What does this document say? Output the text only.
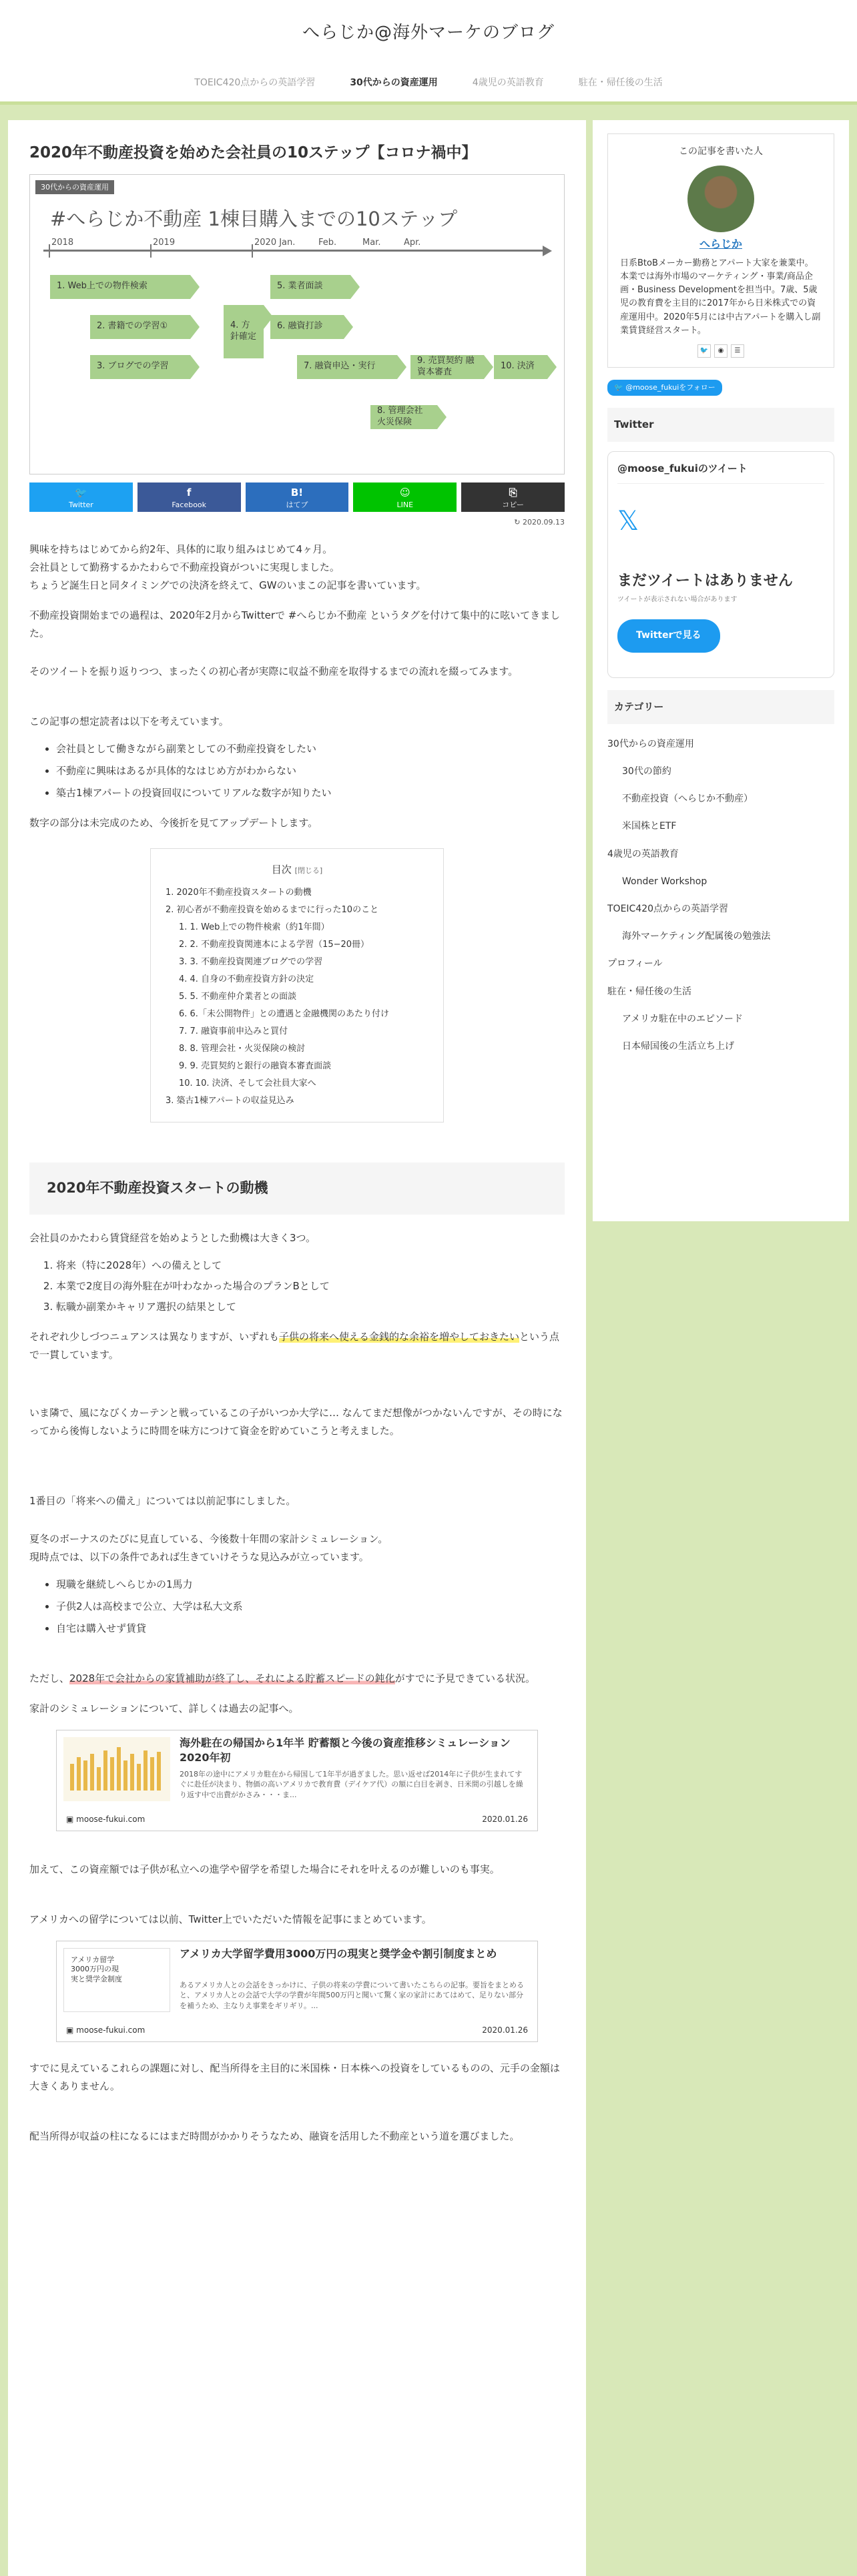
へらじか@海外マーケのブログ
TOEIC420点からの英語学習	30代からの資産運用	4歳児の英語教育	駐在・帰任後の生活
2020年不動産投資を始めた会社員の10ステップ【コロナ禍中】
30代からの資産運用
#へらじか不動産 1棟目購入までの10ステップ
2018	2019	2020 Jan.	Feb.	Mar.	Apr.
1. Web上での物件検索
2. 書籍での学習①
3. ブログでの学習
4. 方針確定
5. 業者面談
6. 融資打診
7. 融資申込・実行
8. 管理会社 火災保険
9. 売買契約 融資本審査
10. 決済
🐦
Twitter
f
Facebook
B!
はてブ
☺
LINE
⎘
コピー
↻ 2020.09.13
興味を持ちはじめてから約2年、具体的に取り組みはじめて4ヶ月。
会社員として勤務するかたわらで不動産投資がついに実現しました。
ちょうど誕生日と同タイミングでの決済を終えて、GWのいまこの記事を書いています。
不動産投資開始までの過程は、2020年2月からTwitterで #へらじか不動産 というタグを付けて集中的に呟いてきました。
そのツイートを振り返りつつ、まったくの初心者が実際に収益不動産を取得するまでの流れを綴ってみます。
この記事の想定読者は以下を考えています。
• 会社員として働きながら副業としての不動産投資をしたい
• 不動産に興味はあるが具体的なはじめ方がわからない
• 築古1棟アパートの投資回収についてリアルな数字が知りたい
数字の部分は未完成のため、今後折を見てアップデートします。
目次 [閉じる]
1. 2020年不動産投資スタートの動機
2. 初心者が不動産投資を始めるまでに行った10のこと
1. 1. Web上での物件検索（約1年間）
2. 2. 不動産投資関連本による学習（15−20冊）
3. 3. 不動産投資関連ブログでの学習
4. 4. 自身の不動産投資方針の決定
5. 5. 不動産仲介業者との面談
6. 6.「未公開物件」との遭遇と金融機関のあたり付け
7. 7. 融資事前申込みと買付
8. 8. 管理会社・火災保険の検討
9. 9. 売買契約と銀行の融資本審査面談
10. 10. 決済、そして会社員大家へ
3. 築古1棟アパートの収益見込み
2020年不動産投資スタートの動機
会社員のかたわら賃貸経営を始めようとした動機は大きく3つ。
1. 将来（特に2028年）への備えとして
2. 本業で2度目の海外駐在が叶わなかった場合のプランBとして
3. 転職か副業かキャリア選択の結果として
それぞれ少しづつニュアンスは異なりますが、いずれも子供の将来へ使える金銭的な余裕を増やしておきたいという点で一貫しています。
いま隣で、風になびくカーテンと戦っているこの子がいつか大学に… なんてまだ想像がつかないんですが、その時になってから後悔しないように時間を味方につけて資金を貯めていこうと考えました。
1番目の「将来への備え」については以前記事にしました。
夏冬のボーナスのたびに見直している、今後数十年間の家計シミュレーション。
現時点では、以下の条件であれば生きていけそうな見込みが立っています。
• 現職を継続しへらじかの1馬力
• 子供2人は高校まで公立、大学は私大文系
• 自宅は購入せず賃貸
ただし、2028年で会社からの家賃補助が終了し、それによる貯蓄スピードの鈍化がすでに予見できている状況。
家計のシミュレーションについて、詳しくは過去の記事へ。
海外駐在の帰国から1年半 貯蓄額と今後の資産推移シミュレーション2020年初
2018年の途中にアメリカ駐在から帰国して1年半が過ぎました。思い返せば2014年に子供が生まれてすぐに赴任が決まり、物価の高いアメリカで教育費（デイケア代）の額に白目を剥き、日米間の引越しを繰り返す中で出費がかさみ・・・ま...
▣ moose-fukui.com	2020.01.26
加えて、この資産額では子供が私立への進学や留学を希望した場合にそれを叶えるのが難しいのも事実。
アメリカへの留学については以前、Twitter上でいただいた情報を記事にまとめています。
アメリカ留学 3000万円の現実と奨学金制度
アメリカ大学留学費用3000万円の現実と奨学金や割引制度まとめ
あるアメリカ人との会話をきっかけに、子供の将来の学費について書いたこちらの記事。要旨をまとめると、アメリカ人との会話で大学の学費が年間500万円と聞いて驚く家の家計にあてはめて、足りない部分を補うため、主なりえ事業をギリギリ。...
▣ moose-fukui.com	2020.01.26
すでに見えているこれらの課題に対し、配当所得を主目的に米国株・日本株への投資をしているものの、元手の金額は大きくありません。
配当所得が収益の柱になるにはまだ時間がかかりそうなため、融資を活用した不動産という道を選びました。
この記事を書いた人
へらじか
日系BtoBメーカー勤務とアパート大家を兼業中。本業では海外市場のマーケティング・事業/商品企画・Business Developmentを担当中。7歳、5歳児の教育費を主目的に2017年から日米株式での資産運用中。2020年5月には中古アパートを購入し副業賃貸経営スタート。
🐦	◉	☰
🐦 @moose_fukuiをフォロー
Twitter
@moose_fukuiのツイート
𝕏
まだツイートはありません
ツイートが表示されない場合があります
Twitterで見る
カテゴリー
30代からの資産運用
30代の節約
不動産投資（へらじか不動産）
米国株とETF
4歳児の英語教育
Wonder Workshop
TOEIC420点からの英語学習
海外マーケティング配属後の勉強法
プロフィール
駐在・帰任後の生活
アメリカ駐在中のエピソード
日本帰国後の生活立ち上げ
